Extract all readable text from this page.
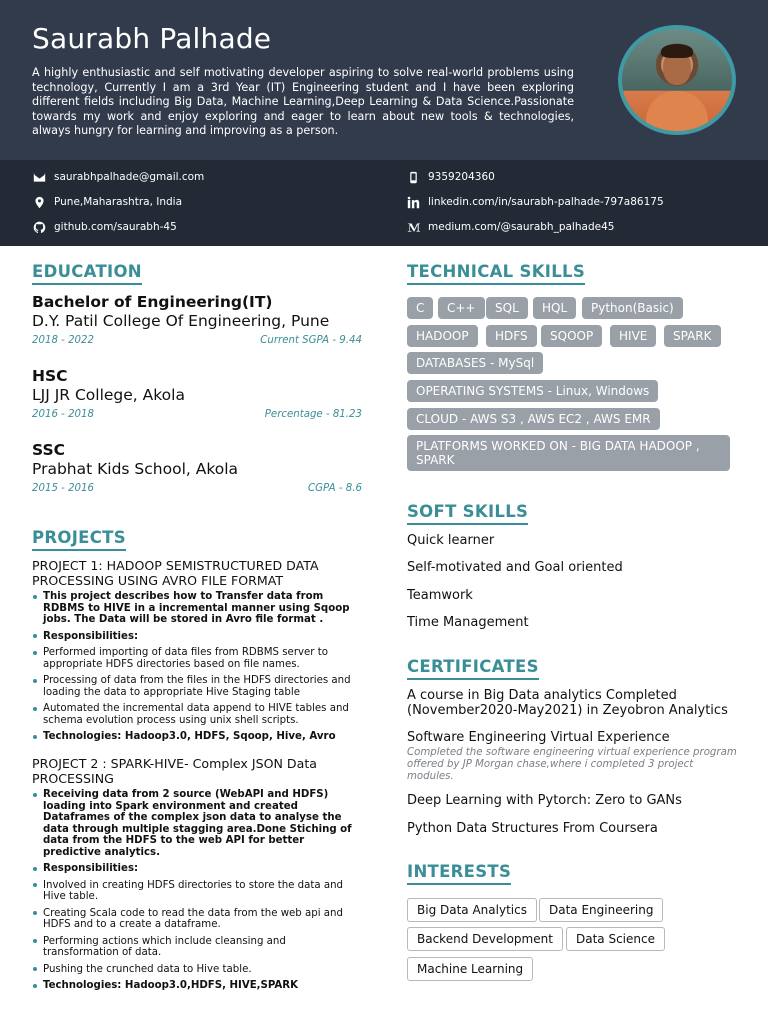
Saurabh Palhade
A highly enthusiastic and self motivating developer aspiring to solve real-world problems using technology, Currently I am a 3rd Year (IT) Engineering student and I have been exploring different fields including Big Data, Machine Learning,Deep Learning & Data Science.Passionate towards my work and enjoy exploring and eager to learn about new tools & technologies, always hungry for learning and improving as a person.
saurabhpalhade@gmail.com	9359204360
Pune,Maharashtra, India	linkedin.com/in/saurabh-palhade-797a86175
github.com/saurabh-45	medium.com/@saurabh_palhade45
EDUCATION
Bachelor of Engineering(IT)
D.Y. Patil College Of Engineering, Pune
2018 - 2022	Current SGPA - 9.44
HSC
LJJ JR College, Akola
2016 - 2018	Percentage - 81.23
SSC
Prabhat Kids School, Akola
2015 - 2016	CGPA - 8.6
PROJECTS
PROJECT 1: HADOOP SEMISTRUCTURED DATA PROCESSING USING AVRO FILE FORMAT
This project describes how to Transfer data from RDBMS to HIVE in a incremental manner using Sqoop jobs. The Data will be stored in Avro file format .
Responsibilities:
Performed importing of data files from RDBMS server to appropriate HDFS directories based on file names.
Processing of data from the files in the HDFS directories and loading the data to appropriate Hive Staging table
Automated the incremental data append to HIVE tables and schema evolution process using unix shell scripts.
Technologies: Hadoop3.0, HDFS, Sqoop, Hive, Avro
PROJECT 2 : SPARK-HIVE- Complex JSON Data PROCESSING
Receiving data from 2 source (WebAPI and HDFS) loading into Spark environment and created Dataframes of the complex json data to analyse the data through multiple stagging area.Done Stiching of data from the HDFS to the web API for better predictive analytics.
Responsibilities:
Involved in creating HDFS directories to store the data and Hive table.
Creating Scala code to read the data from the web api and HDFS and to a create a dataframe.
Performing actions which include cleansing and transformation of data.
Pushing the crunched data to Hive table.
Technologies: Hadoop3.0,HDFS, HIVE,SPARK
TECHNICAL SKILLS
C	C++	SQL	HQL	Python(Basic)
HADOOP	HDFS	SQOOP	HIVE	SPARK
DATABASES - MySql
OPERATING SYSTEMS - Linux, Windows
CLOUD - AWS S3 , AWS EC2 , AWS EMR
PLATFORMS WORKED ON - BIG DATA HADOOP , SPARK
SOFT SKILLS
Quick learner
Self-motivated and Goal oriented
Teamwork
Time Management
CERTIFICATES
A course in Big Data analytics Completed (November2020-May2021) in Zeyobron Analytics
Software Engineering Virtual Experience
Completed the software engineering virtual experience program offered by JP Morgan chase,where i completed 3 project modules.
Deep Learning with Pytorch: Zero to GANs
Python Data Structures From Coursera
INTERESTS
Big Data Analytics	Data Engineering
Backend Development	Data Science
Machine Learning
